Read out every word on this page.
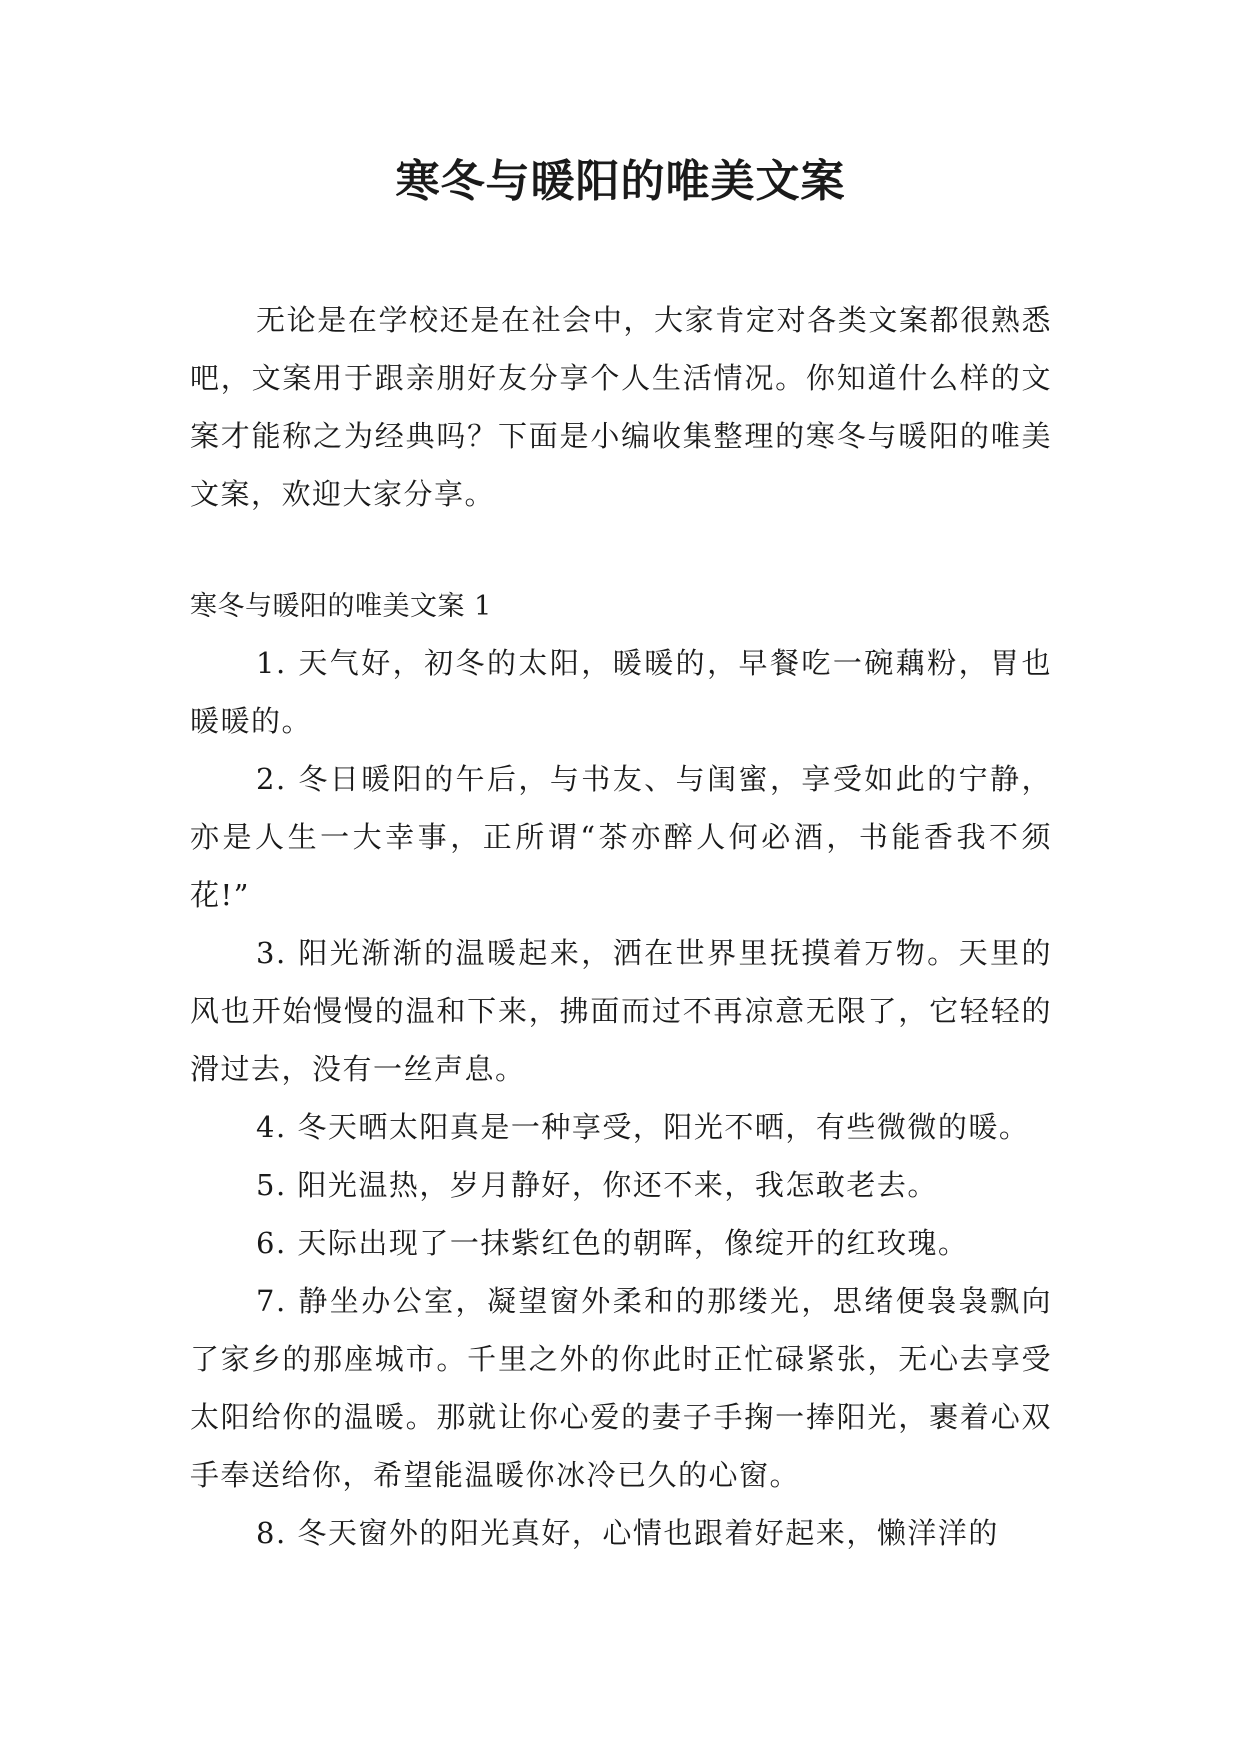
寒冬与暖阳的唯美文案

无论是在学校还是在社会中，大家肯定对各类文案都很熟悉吧，文案用于跟亲朋好友分享个人生活情况。你知道什么样的文案才能称之为经典吗？下面是小编收集整理的寒冬与暖阳的唯美文案，欢迎大家分享。

寒冬与暖阳的唯美文案 1

1. 天气好，初冬的太阳，暖暖的，早餐吃一碗藕粉，胃也暖暖的。

2. 冬日暖阳的午后，与书友、与闺蜜，享受如此的宁静，亦是人生一大幸事，正所谓“茶亦醉人何必酒，书能香我不须花!”

3. 阳光渐渐的温暖起来，洒在世界里抚摸着万物。天里的风也开始慢慢的温和下来，拂面而过不再凉意无限了，它轻轻的滑过去，没有一丝声息。

4. 冬天晒太阳真是一种享受，阳光不晒，有些微微的暖。

5. 阳光温热，岁月静好，你还不来，我怎敢老去。

6. 天际出现了一抹紫红色的朝晖，像绽开的红玫瑰。

7. 静坐办公室，凝望窗外柔和的那缕光，思绪便袅袅飘向了家乡的那座城市。千里之外的你此时正忙碌紧张，无心去享受太阳给你的温暖。那就让你心爱的妻子手掬一捧阳光，裹着心双手奉送给你，希望能温暖你冰冷已久的心窗。

8. 冬天窗外的阳光真好，心情也跟着好起来，懒洋洋的
